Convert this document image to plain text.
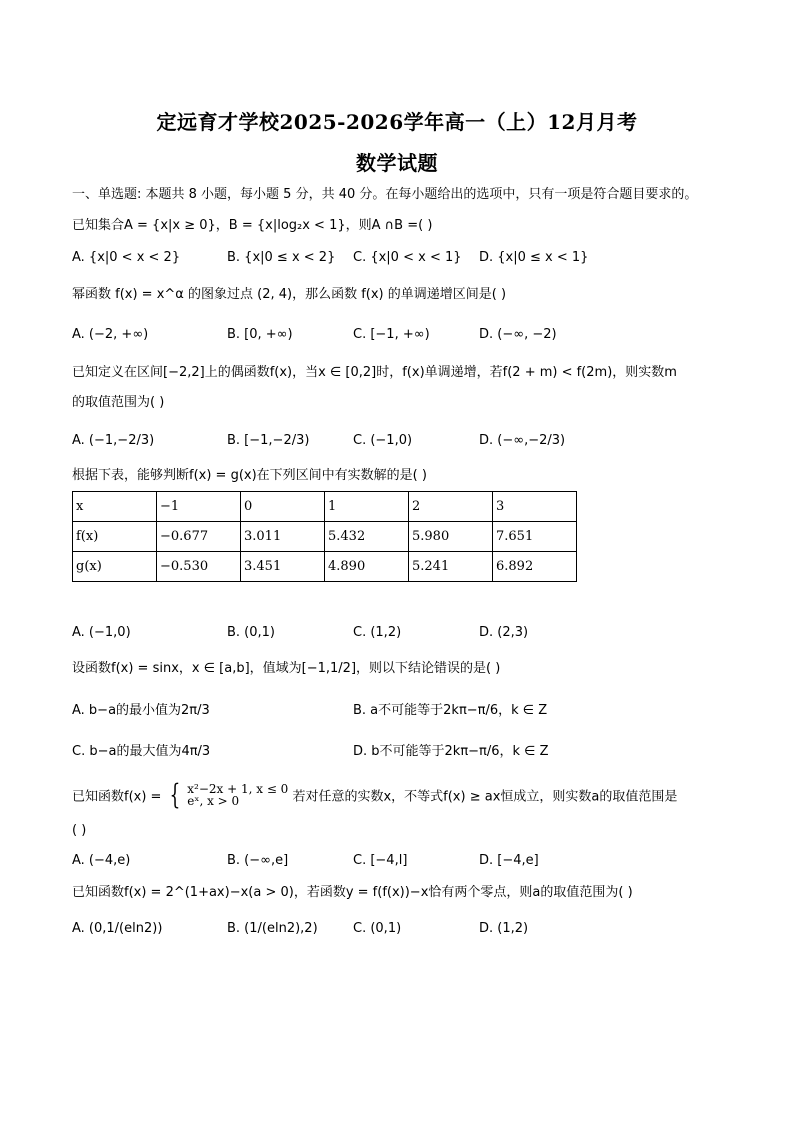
定远育才学校2025-2026学年高一（上）12月月考
数学试题
一、单选题: 本题共 8 小题，每小题 5 分，共 40 分。在每小题给出的选项中，只有一项是符合题目要求的。
已知集合A = {x|x ≥ 0}，B = {x|log₂x < 1}，则A ∩B =( )
A. {x|0 < x < 2}	B. {x|0 ≤ x < 2} C. {x|0 < x < 1} D. {x|0 ≤ x < 1}
幂函数 f(x) = x^α 的图象过点 (2, 4)，那么函数 f(x) 的单调递增区间是( )
A. (−2, +∞)	B. [0, +∞)	C. [−1, +∞)	D. (−∞, −2)
已知定义在区间[−2,2]上的偶函数f(x)，当x ∈ [0,2]时，f(x)单调递增，若f(2 + m) < f(2m)，则实数m
的取值范围为( )
A. (−1,−2/3)	B. [−1,−2/3)	C. (−1,0)	D. (−∞,−2/3)
根据下表，能够判断f(x) = g(x)在下列区间中有实数解的是( )
x	−1	0	1	2	3
f(x)	−0.677	3.011	5.432	5.980	7.651
g(x)	−0.530	3.451	4.890	5.241	6.892
A. (−1,0)	B. (0,1)	C. (1,2)	D. (2,3)
设函数f(x) = sinx，x ∈ [a,b]，值域为[−1,1/2]，则以下结论错误的是( )
A. b−a的最小值为2π/3	B. a不可能等于2kπ−π/6，k ∈ Z
C. b−a的最大值为4π/3	D. b不可能等于2kπ−π/6，k ∈ Z
已知函数f(x) = { x²−2x + 1, x ≤ 0
eˣ, x > 0	若对任意的实数x，不等式f(x) ≥ ax恒成立，则实数a的取值范围是
( )
A. (−4,e)	B. (−∞,e]	C. [−4,l]	D. [−4,e]
已知函数f(x) = 2^(1+ax)−x(a > 0)，若函数y = f(f(x))−x恰有两个零点，则a的取值范围为( )
A. (0,1/(eln2))	B. (1/(eln2),2)	C. (0,1)	D. (1,2)
